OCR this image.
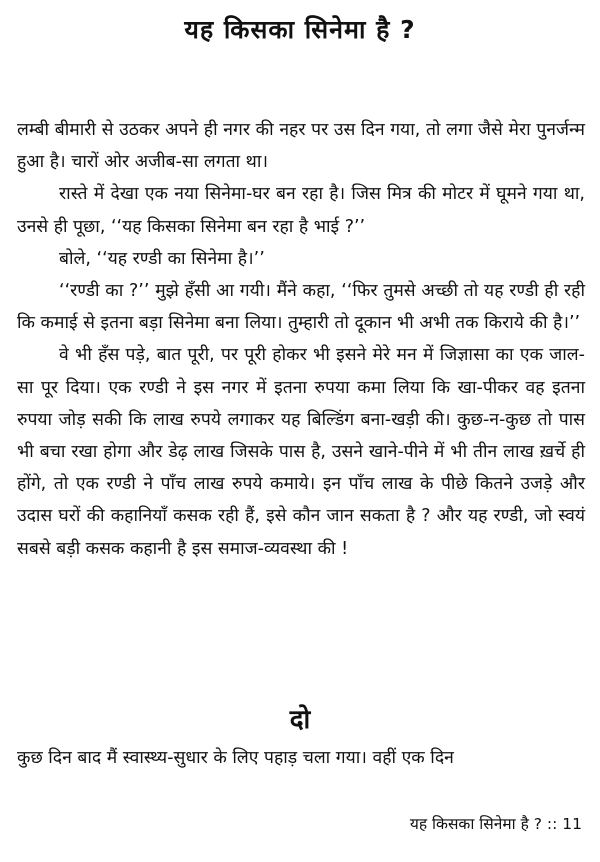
यह किसका सिनेमा है ?

लम्बी बीमारी से उठकर अपने ही नगर की नहर पर उस दिन गया, तो लगा जैसे मेरा पुनर्जन्म हुआ है। चारों ओर अजीब-सा लगता था।

रास्ते में देखा एक नया सिनेमा-घर बन रहा है। जिस मित्र की मोटर में घूमने गया था, उनसे ही पूछा, ‘‘यह किसका सिनेमा बन रहा है भाई ?’’

बोले, ‘‘यह रण्डी का सिनेमा है।’’

‘‘रण्डी का ?’’ मुझे हँसी आ गयी। मैंने कहा, ‘‘फिर तुमसे अच्छी तो यह रण्डी ही रही कि कमाई से इतना बड़ा सिनेमा बना लिया। तुम्हारी तो दूकान भी अभी तक किराये की है।’’

वे भी हँस पड़े, बात पूरी, पर पूरी होकर भी इसने मेरे मन में जिज्ञासा का एक जाल-सा पूर दिया। एक रण्डी ने इस नगर में इतना रुपया कमा लिया कि खा-पीकर वह इतना रुपया जोड़ सकी कि लाख रुपये लगाकर यह बिल्डिंग बना-खड़ी की। कुछ-न-कुछ तो पास भी बचा रखा होगा और डेढ़ लाख जिसके पास है, उसने खाने-पीने में भी तीन लाख ख़र्चे ही होंगे, तो एक रण्डी ने पाँच लाख रुपये कमाये। इन पाँच लाख के पीछे कितने उजड़े और उदास घरों की कहानियाँ कसक रही हैं, इसे कौन जान सकता है ? और यह रण्डी, जो स्वयं सबसे बड़ी कसक कहानी है इस समाज-व्यवस्था की !

दो

कुछ दिन बाद मैं स्वास्थ्य-सुधार के लिए पहाड़ चला गया। वहीं एक दिन

यह किसका सिनेमा है ? :: 11
